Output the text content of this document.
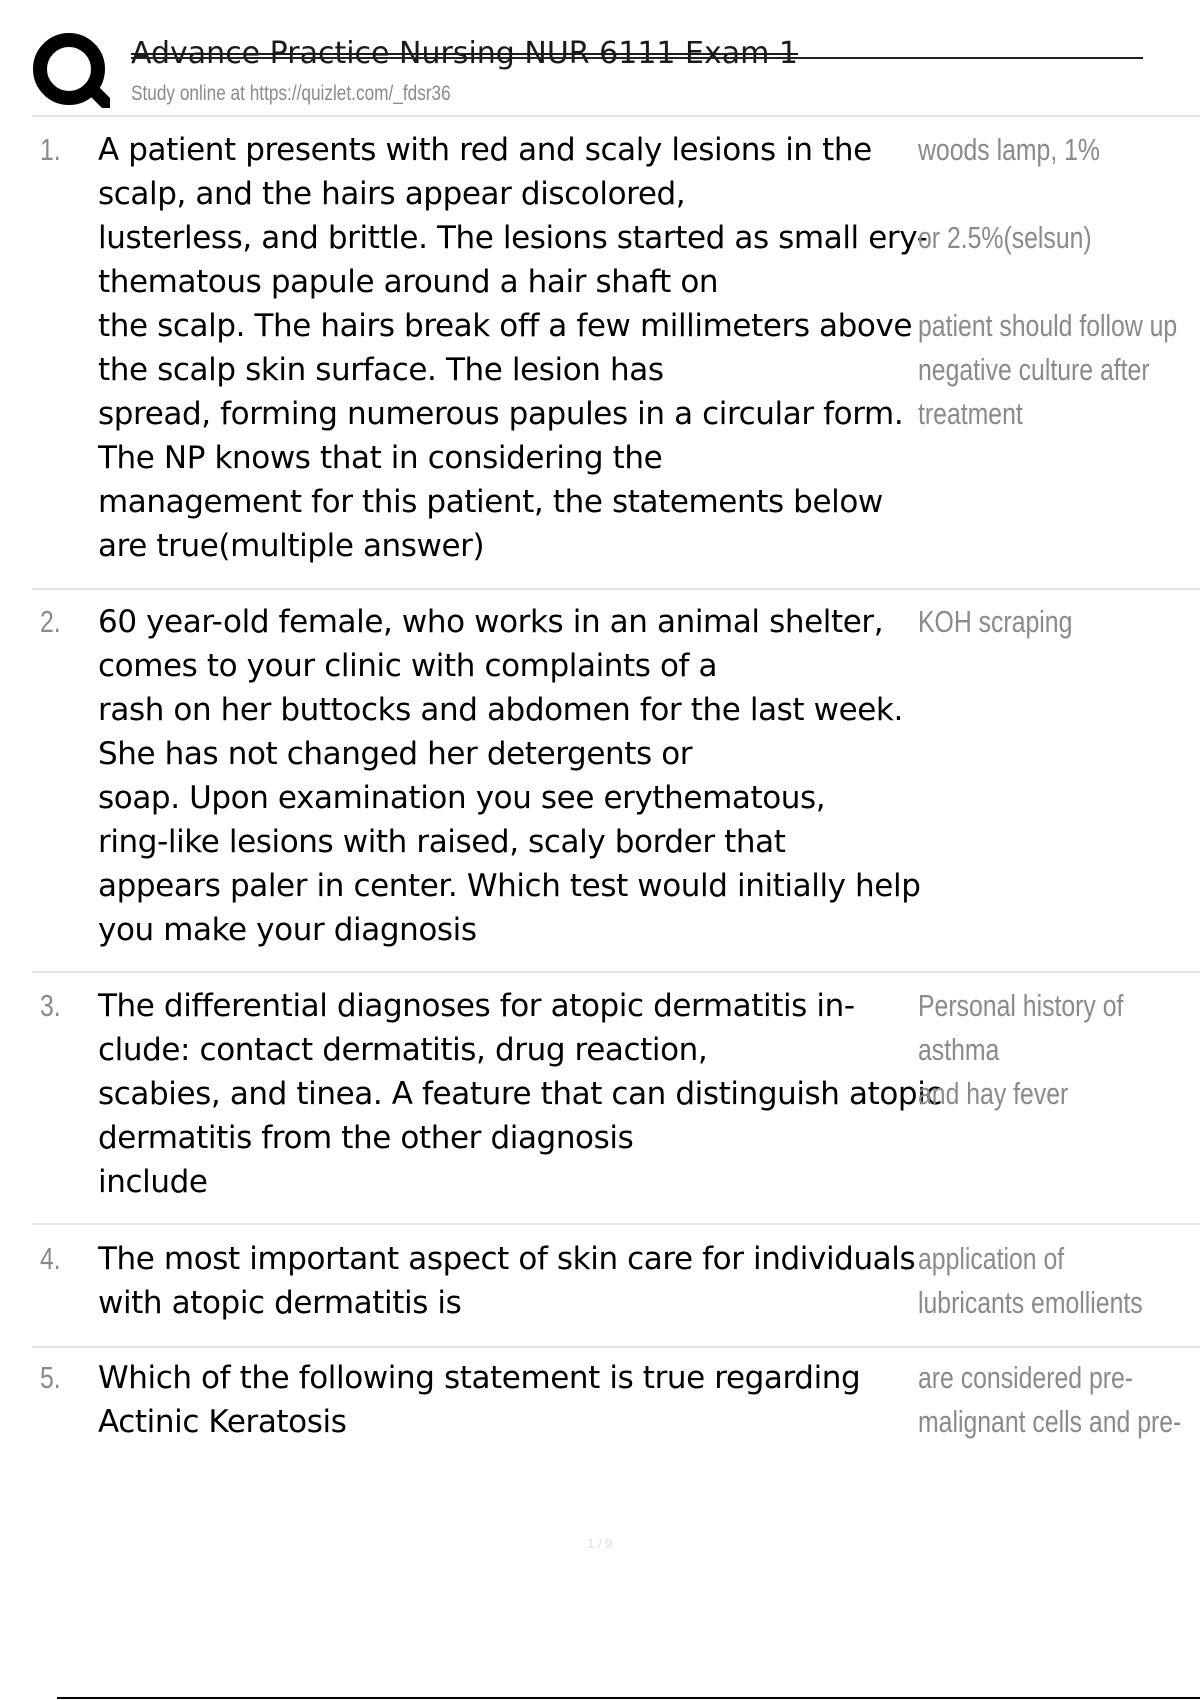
Advance Practice Nursing NUR 6111 Exam 1
Study online at https://quizlet.com/_fdsr36
1. A patient presents with red and scaly lesions in the
scalp, and the hairs appear discolored,
lusterless, and brittle. The lesions started as small ery-
thematous papule around a hair shaft on
the scalp. The hairs break off a few millimeters above
the scalp skin surface. The lesion has
spread, forming numerous papules in a circular form.
The NP knows that in considering the
management for this patient, the statements below
are true(multiple answer)
woods lamp, 1%

or 2.5%(selsun)

patient should follow up
negative culture after
treatment
2. 60 year-old female, who works in an animal shelter,
comes to your clinic with complaints of a
rash on her buttocks and abdomen for the last week.
She has not changed her detergents or
soap. Upon examination you see erythematous,
ring-like lesions with raised, scaly border that
appears paler in center. Which test would initially help
you make your diagnosis
KOH scraping
3. The differential diagnoses for atopic dermatitis in-
clude: contact dermatitis, drug reaction,
scabies, and tinea. A feature that can distinguish atopic
dermatitis from the other diagnosis
include
Personal history of asthma
and hay fever
4. The most important aspect of skin care for individuals
with atopic dermatitis is
application of
lubricants emollients
5. Which of the following statement is true regarding
Actinic Keratosis
are considered pre-
malignant cells and pre-
1 / 9
